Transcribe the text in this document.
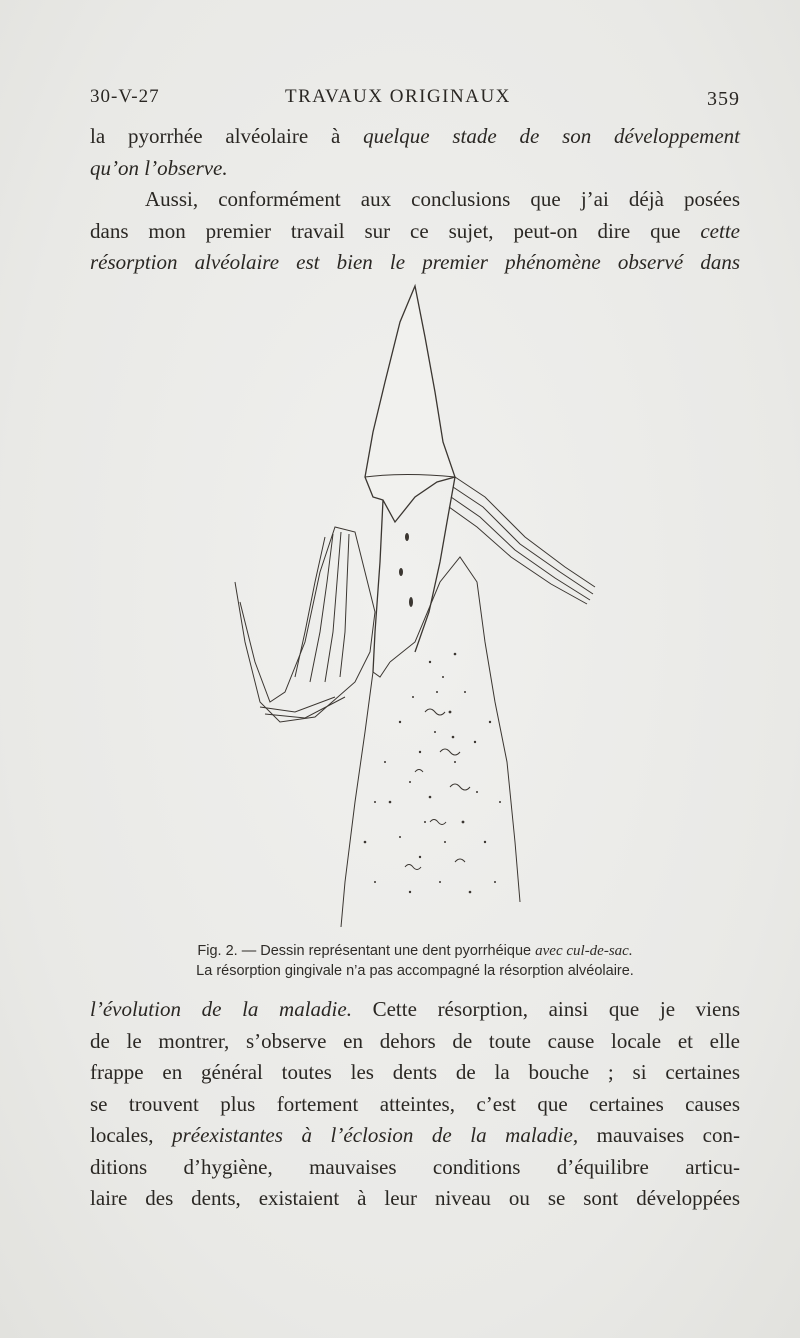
30-V-27	TRAVAUX ORIGINAUX	359
la pyorrhée alvéolaire à quelque stade de son développement
qu’on l’observe.
Aussi, conformément aux conclusions que j’ai déjà posées
dans mon premier travail sur ce sujet, peut-on dire que cette
résorption alvéolaire est bien le premier phénomène observé dans
Fig. 2. — Dessin représentant une dent pyorrhéique avec cul-de-sac.
La résorption gingivale n’a pas accompagné la résorption alvéolaire.
l’évolution de la maladie. Cette résorption, ainsi que je viens
de le montrer, s’observe en dehors de toute cause locale et elle
frappe en général toutes les dents de la bouche ; si certaines
se trouvent plus fortement atteintes, c’est que certaines causes
locales, préexistantes à l’éclosion de la maladie, mauvaises con-
ditions d’hygiène, mauvaises conditions d’équilibre articu-
laire des dents, existaient à leur niveau ou se sont développées
